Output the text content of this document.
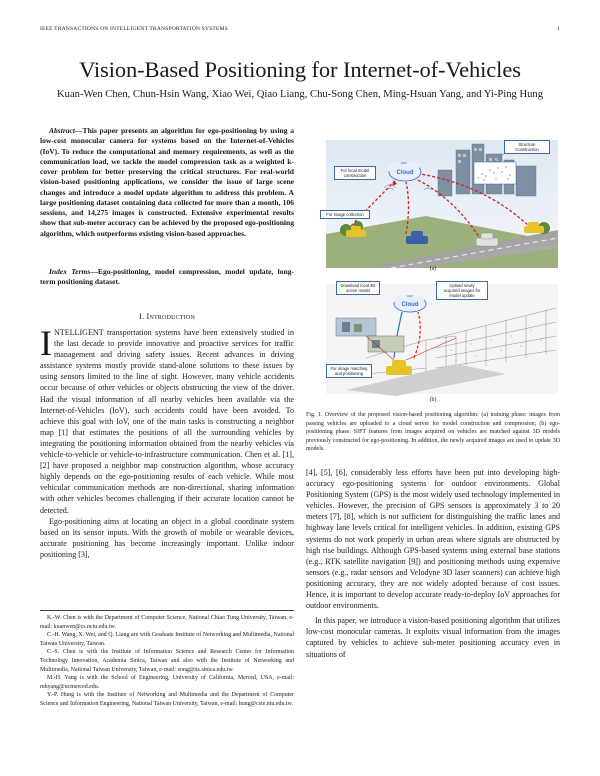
IEEE TRANSACTIONS ON INTELLIGENT TRANSPORTATION SYSTEMS	1
Vision-Based Positioning for Internet-of-Vehicles
Kuan-Wen Chen, Chun-Hsin Wang, Xiao Wei, Qiao Liang, Chu-Song Chen, Ming-Hsuan Yang, and Yi-Ping Hung
Abstract—This paper presents an algorithm for ego-positioning by using a low-cost monocular camera for systems based on the Internet-of-Vehicles (IoV). To reduce the computational and memory requirements, as well as the communication load, we tackle the model compression task as a weighted k-cover problem for better preserving the critical structures. For real-world vision-based positioning applications, we consider the issue of large scene changes and introduce a model update algorithm to address this problem. A large positioning dataset containing data collected for more than a month, 106 sessions, and 14,275 images is constructed. Extensive experimental results show that sub-meter accuracy can be achieved by the proposed ego-positioning algorithm, which outperforms existing vision-based approaches.
Index Terms—Ego-positioning, model compression, model update, long-term positioning dataset.
I. Introduction

INTELLIGENT transportation systems have been extensively studied in the last decade to provide innovative and proactive services for traffic management and driving safety issues. Recent advances in driving assistance systems mostly provide stand-alone solutions to these issues by using sensors limited to the line of sight. However, many vehicle accidents occur because of other vehicles or objects obstructing the view of the driver. Had the visual information of all nearby vehicles been available via the Internet-of-Vehicles (IoV), such accidents could have been avoided. To achieve this goal with IoV, one of the main tasks is constructing a neighbor map [1] that estimates the positions of all the surrounding vehicles by integrating the positioning information obtained from the nearby vehicles via vehicle-to-vehicle or vehicle-to-infrastructure communication. Chen et al. [1], [2] have proposed a neighbor map construction algorithm, whose accuracy highly depends on the ego-positioning results of each vehicle. While most vehicular communication methods are non-directional, sharing information with other vehicles becomes challenging if their accurate location cannot be detected.

Ego-positioning aims at locating an object in a global coordinate system based on its sensor inputs. With the growth of mobile or wearable devices, accurate positioning has become increasingly important. Unlike indoor positioning [3],

K.-W. Chen is with the Department of Computer Science, National Chiao Tung University, Taiwan, e-mail: kuanwen@cs.nctu.edu.tw.

C.-H. Wang, X. Wei, and Q. Liang are with Graduate Institute of Networking and Multimedia, National Taiwan University, Taiwan.

C.-S. Chen is with the Institute of Information Science and Research Center for Information Technology Innovation, Academia Sinica, Taiwan and also with the Institute of Networking and Multimedia, National Taiwan University, Taiwan, e-mail: song@iis.sinica.edu.tw.

M.-H. Yang is with the School of Engineering, University of California, Merced, USA, e-mail: mhyang@ucmerced.edu.

Y.-P. Hung is with the Institute of Networking and Multimedia and the Department of Computer Science and Information Engineering, National Taiwan University, Taiwan, e-mail: hung@csie.ntu.edu.tw.

Cloud
For local model
construction
For image collection
Structure
Construction
(a)
Cloud
Download local 3D
scene model
Upload newly
acquired images for
model update
For image matching
and positioning
(b)
Fig. 1. Overview of the proposed vision-based positioning algorithm: (a) training phase: images from passing vehicles are uploaded to a cloud server for model construction and compression; (b) ego-positioning phase: SIFT features from images acquired on vehicles are matched against 3D models previously constructed for ego-positioning. In addition, the newly acquired images are used to update 3D models.

[4], [5], [6], considerably less efforts have been put into developing high-accuracy ego-positioning systems for outdoor environments. Global Positioning System (GPS) is the most widely used technology implemented in vehicles. However, the precision of GPS sensors is approximately 3 to 20 meters [7], [8], which is not sufficient for distinguishing the traffic lanes and highway lane levels critical for intelligent vehicles. In addition, existing GPS systems do not work properly in urban areas where signals are obstructed by high rise buildings. Although GPS-based systems using external base stations (e.g., RTK satellite navigation [9]) and positioning methods using expensive sensors (e.g., radar sensors and Velodyne 3D laser scanners) can achieve high positioning accuracy, they are not widely adopted because of cost issues. Hence, it is important to develop accurate ready-to-deploy IoV approaches for outdoor environments.

In this paper, we introduce a vision-based positioning algorithm that utilizes low-cost monocular cameras. It exploits visual information from the images captured by vehicles to achieve sub-meter positioning accuracy even in situations of
